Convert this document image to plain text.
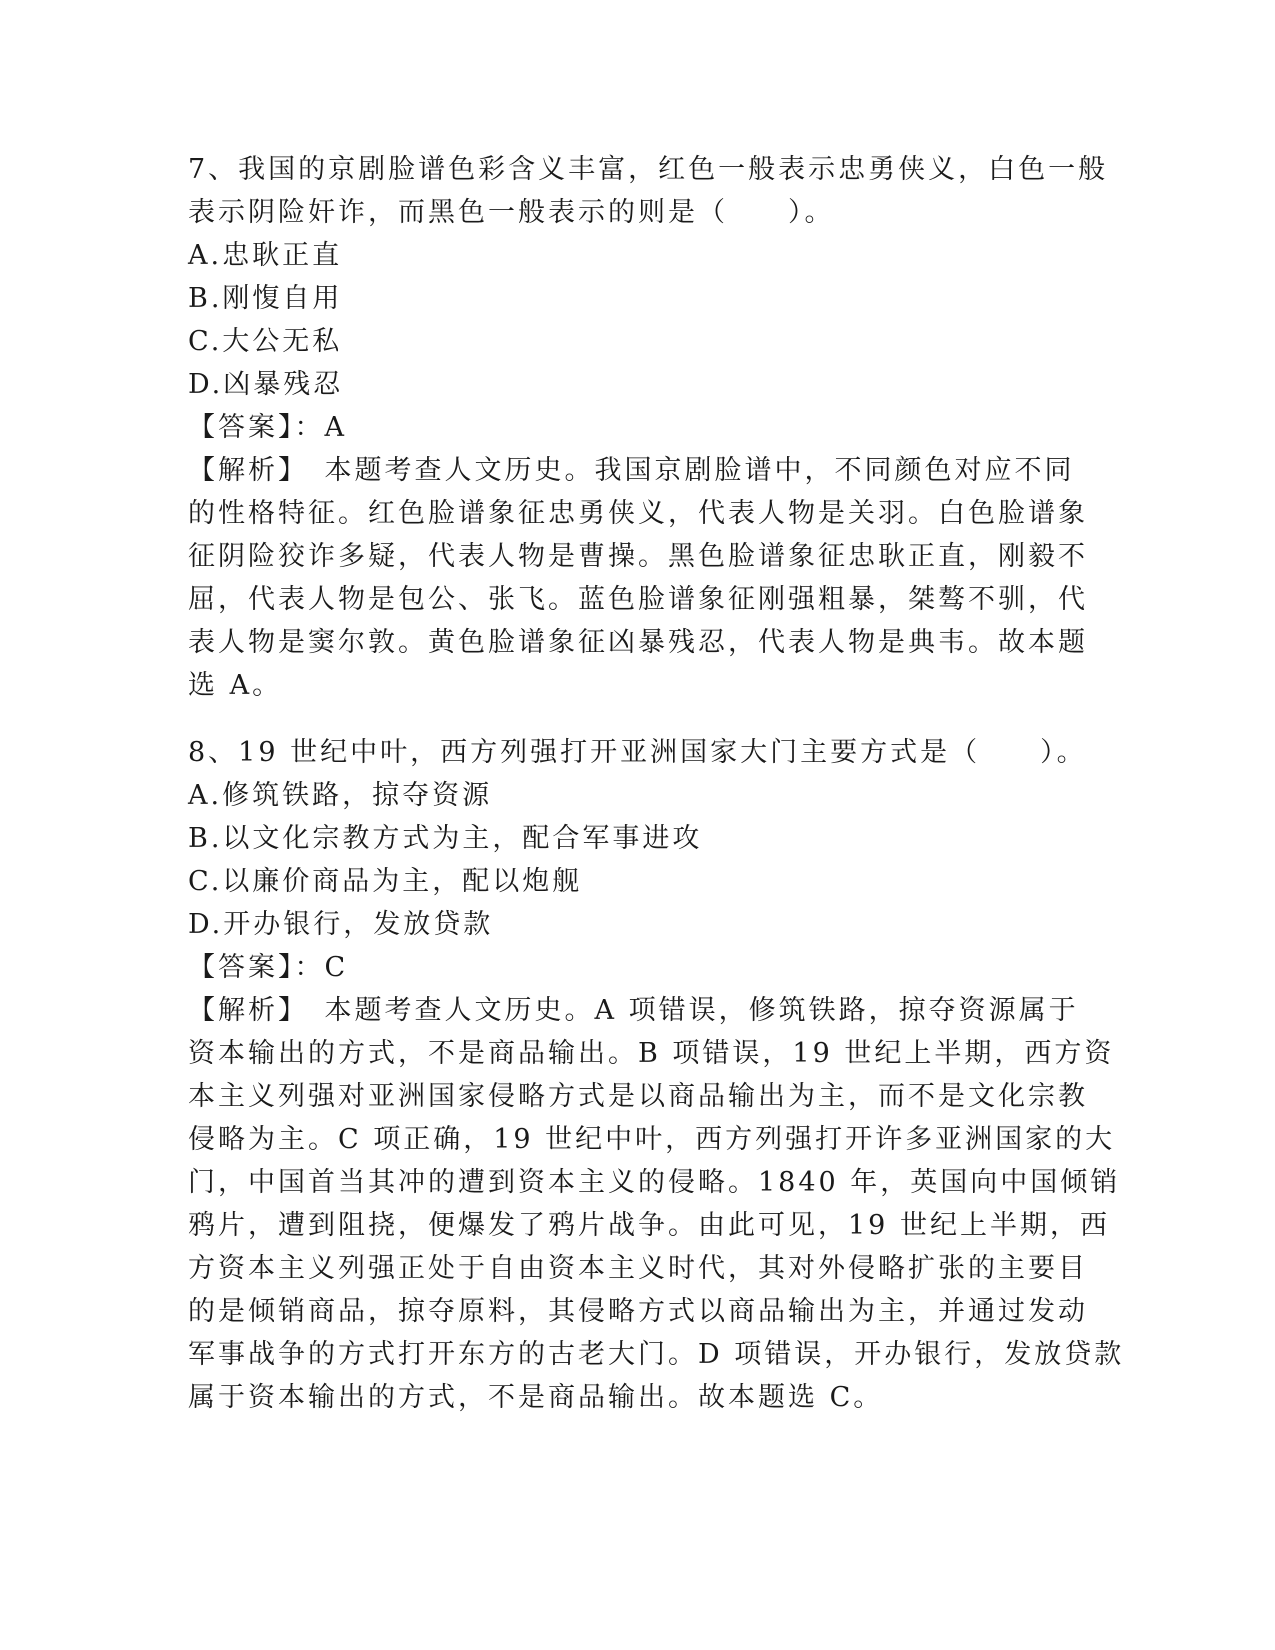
7、我国的京剧脸谱色彩含义丰富，红色一般表示忠勇侠义，白色一般
表示阴险奸诈，而黑色一般表示的则是（　　）。

A.忠耿正直

B.刚愎自用

C.大公无私

D.凶暴残忍

【答案】：A

【解析】　本题考查人文历史。我国京剧脸谱中，不同颜色对应不同
的性格特征。红色脸谱象征忠勇侠义，代表人物是关羽。白色脸谱象
征阴险狡诈多疑，代表人物是曹操。黑色脸谱象征忠耿正直，刚毅不
屈，代表人物是包公、张飞。蓝色脸谱象征刚强粗暴，桀骜不驯，代
表人物是窦尔敦。黄色脸谱象征凶暴残忍，代表人物是典韦。故本题
选 A。

8、19 世纪中叶，西方列强打开亚洲国家大门主要方式是（　　）。

A.修筑铁路，掠夺资源

B.以文化宗教方式为主，配合军事进攻

C.以廉价商品为主，配以炮舰

D.开办银行，发放贷款

【答案】：C

【解析】　本题考查人文历史。A 项错误，修筑铁路，掠夺资源属于
资本输出的方式，不是商品输出。B 项错误，19 世纪上半期，西方资
本主义列强对亚洲国家侵略方式是以商品输出为主，而不是文化宗教
侵略为主。C 项正确，19 世纪中叶，西方列强打开许多亚洲国家的大
门，中国首当其冲的遭到资本主义的侵略。1840 年，英国向中国倾销
鸦片，遭到阻挠，便爆发了鸦片战争。由此可见，19 世纪上半期，西
方资本主义列强正处于自由资本主义时代，其对外侵略扩张的主要目
的是倾销商品，掠夺原料，其侵略方式以商品输出为主，并通过发动
军事战争的方式打开东方的古老大门。D 项错误，开办银行，发放贷款
属于资本输出的方式，不是商品输出。故本题选 C。
